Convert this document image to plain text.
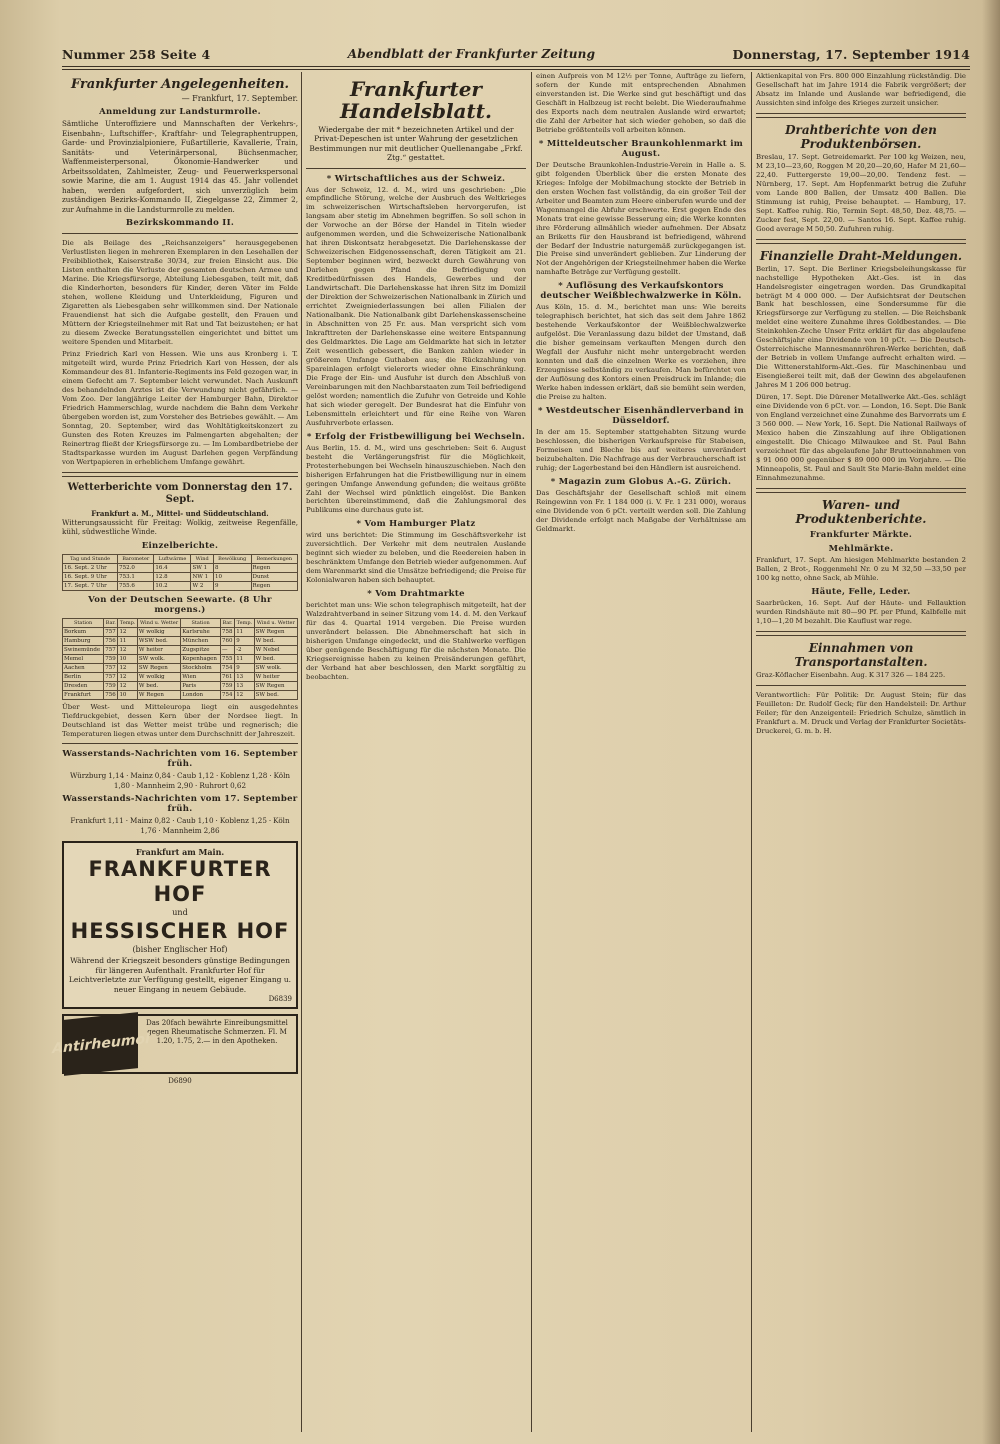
Nummer 258 Seite 4	Abendblatt der Frankfurter Zeitung	Donnerstag, 17. September 1914
Frankfurter Angelegenheiten.
— Frankfurt, 17. September.
Anmeldung zur Landsturmrolle.

Sämtliche Unteroffiziere und Mannschaften der Verkehrs-, Eisenbahn-, Luftschiffer-, Kraftfahr- und Telegraphentruppen, Garde- und Provinzialpioniere, Fußartillerie, Kavallerie, Train, Sanitäts- und Veterinärpersonal, Büchsenmacher, Waffenmeisterpersonal, Ökonomie-Handwerker und Arbeitssoldaten, Zahlmeister, Zeug- und Feuerwerkspersonal sowie Marine, die am 1. August 1914 das 45. Jahr vollendet haben, werden aufgefordert, sich unverzüglich beim zuständigen Bezirks-Kommando II, Ziegelgasse 22, Zimmer 2, zur Aufnahme in die Landsturmrolle zu melden.

Bezirkskommando II.

Die als Beilage des „Reichsanzeigers“ herausgegebenen Verlustlisten liegen in mehreren Exemplaren in den Lesehallen der Freibibliothek, Kaiserstraße 30/34, zur freien Einsicht aus. Die Listen enthalten die Verluste der gesamten deutschen Armee und Marine. Die Kriegsfürsorge, Abteilung Liebesgaben, teilt mit, daß die Kinderhorten, besonders für Kinder, deren Väter im Felde stehen, wollene Kleidung und Unterkleidung, Figuren und Zigaretten als Liebesgaben sehr willkommen sind. Der Nationale Frauendienst hat sich die Aufgabe gestellt, den Frauen und Müttern der Kriegsteilnehmer mit Rat und Tat beizustehen; er hat zu diesem Zwecke Beratungsstellen eingerichtet und bittet um weitere Spenden und Mitarbeit.

Prinz Friedrich Karl von Hessen. Wie uns aus Kronberg i. T. mitgeteilt wird, wurde Prinz Friedrich Karl von Hessen, der als Kommandeur des 81. Infanterie-Regiments ins Feld gezogen war, in einem Gefecht am 7. September leicht verwundet. Nach Auskunft des behandelnden Arztes ist die Verwundung nicht gefährlich. — Vom Zoo. Der langjährige Leiter der Hamburger Bahn, Direktor Friedrich Hammerschlag, wurde nachdem die Bahn dem Verkehr übergeben worden ist, zum Vorsteher des Betriebes gewählt. — Am Sonntag, 20. September, wird das Wohltätigkeitskonzert zu Gunsten des Roten Kreuzes im Palmengarten abgehalten; der Reinertrag fließt der Kriegsfürsorge zu. — Im Lombardbetriebe der Stadtsparkasse wurden im August Darlehen gegen Verpfändung von Wertpapieren in erheblichem Umfange gewährt.

Wetterberichte vom Donnerstag den 17. Sept.
Frankfurt a. M., Mittel- und Süddeutschland.

Witterungsaussicht für Freitag: Wolkig, zeitweise Regenfälle, kühl, südwestliche Winde.

Einzelberichte.
Tag und Stunde	Barometer	Luftwärme	Wind	Bewölkung	Bemerkungen
16. Sept. 2 Uhr	752.0	16.4	SW 1	8	Regen
16. Sept. 9 Uhr	753.1	12.8	NW 1	10	Dunst
17. Sept. 7 Uhr	755.6	10.2	W 2	9	Regen
Von der Deutschen Seewarte. (8 Uhr morgens.)
Station	Bar.	Temp.	Wind u. Wetter	Station	Bar.	Temp.	Wind u. Wetter
Borkum	757	12	W wolkig	Karlsruhe	758	11	SW Regen
Hamburg	756	11	WSW bed.	München	760	9	W bed.
Swinemünde	757	12	W heiter	Zugspitze	—	-2	W Nebel
Memel	759	10	SW wolk.	Kopenhagen	755	11	W bed.
Aachen	757	12	SW Regen	Stockholm	754	9	SW wolk.
Berlin	757	12	W wolkig	Wien	761	13	W heiter
Dresden	759	12	W bed.	Paris	759	13	SW Regen
Frankfurt	756	10	W Regen	London	754	12	SW bed.

Über West- und Mitteleuropa liegt ein ausgedehntes Tiefdruckgebiet, dessen Kern über der Nordsee liegt. In Deutschland ist das Wetter meist trübe und regnerisch; die Temperaturen liegen etwas unter dem Durchschnitt der Jahreszeit.

Wasserstands-Nachrichten vom 16. September früh.

Würzburg 1,14 · Mainz 0,84 · Caub 1,12 · Koblenz 1,28 · Köln 1,80 · Mannheim 2,90 · Ruhrort 0,62

Wasserstands-Nachrichten vom 17. September früh.

Frankfurt 1,11 · Mainz 0,82 · Caub 1,10 · Koblenz 1,25 · Köln 1,76 · Mannheim 2,86

Frankfurt am Main.
FRANKFURTER HOF
und
HESSISCHER HOF
(bisher Englischer Hof)
Während der Kriegszeit besonders günstige Bedingungen für längeren Aufenthalt. Frankfurter Hof für Leichtverletzte zur Verfügung gestellt, eigener Eingang u. neuer Eingang in neuem Gebäude.
D6839
Antirheumol
Das 20fach bewährte Einreibungsmittel gegen Rheumatische Schmerzen. Fl. M 1.20, 1.75, 2.— in den Apotheken.
D6890
Frankfurter Handelsblatt.
Wiedergabe der mit * bezeichneten Artikel und der Privat-Depeschen ist unter Wahrung der gesetzlichen Bestimmungen nur mit deutlicher Quellenangabe „Frkf. Ztg.“ gestattet.
* Wirtschaftliches aus der Schweiz.

Aus der Schweiz, 12. d. M., wird uns geschrieben: „Die empfindliche Störung, welche der Ausbruch des Weltkrieges im schweizerischen Wirtschaftsleben hervorgerufen, ist langsam aber stetig im Abnehmen begriffen. So soll schon in der Vorwoche an der Börse der Handel in Titeln wieder aufgenommen werden, und die Schweizerische Nationalbank hat ihren Diskontsatz herabgesetzt. Die Darlehenskasse der Schweizerischen Eidgenossenschaft, deren Tätigkeit am 21. September beginnen wird, bezweckt durch Gewährung von Darlehen gegen Pfand die Befriedigung von Kreditbedürfnissen des Handels, Gewerbes und der Landwirtschaft. Die Darlehenskasse hat ihren Sitz im Domizil der Direktion der Schweizerischen Nationalbank in Zürich und errichtet Zweigniederlassungen bei allen Filialen der Nationalbank. Die Nationalbank gibt Darlehenskassenscheine in Abschnitten von 25 Fr. aus. Man verspricht sich vom Inkrafttreten der Darlehenskasse eine weitere Entspannung des Geldmarktes. Die Lage am Geldmarkte hat sich in letzter Zeit wesentlich gebessert, die Banken zahlen wieder in größerem Umfange Guthaben aus; die Rückzahlung von Spareinlagen erfolgt vielerorts wieder ohne Einschränkung. Die Frage der Ein- und Ausfuhr ist durch den Abschluß von Vereinbarungen mit den Nachbarstaaten zum Teil befriedigend gelöst worden; namentlich die Zufuhr von Getreide und Kohle hat sich wieder geregelt. Der Bundesrat hat die Einfuhr von Lebensmitteln erleichtert und für eine Reihe von Waren Ausfuhrverbote erlassen.

* Erfolg der Fristbewilligung bei Wechseln.

Aus Berlin, 15. d. M., wird uns geschrieben: Seit 6. August besteht die Verlängerungsfrist für die Möglichkeit, Protesterhebungen bei Wechseln hinauszuschieben. Nach den bisherigen Erfahrungen hat die Fristbewilligung nur in einem geringen Umfange Anwendung gefunden; die weitaus größte Zahl der Wechsel wird pünktlich eingelöst. Die Banken berichten übereinstimmend, daß die Zahlungsmoral des Publikums eine durchaus gute ist.

* Vom Hamburger Platz

wird uns berichtet: Die Stimmung im Geschäftsverkehr ist zuversichtlich. Der Verkehr mit dem neutralen Auslande beginnt sich wieder zu beleben, und die Reedereien haben in beschränktem Umfange den Betrieb wieder aufgenommen. Auf dem Warenmarkt sind die Umsätze befriedigend; die Preise für Kolonialwaren haben sich behauptet.

* Vom Drahtmarkte

berichtet man uns: Wie schon telegraphisch mitgeteilt, hat der Walzdrahtverband in seiner Sitzung vom 14. d. M. den Verkauf für das 4. Quartal 1914 vergeben. Die Preise wurden unverändert belassen. Die Abnehmerschaft hat sich in bisherigen Umfange eingedeckt, und die Stahlwerke verfügen über genügende Beschäftigung für die nächsten Monate. Die Kriegsereignisse haben zu keinen Preisänderungen geführt, der Verband hat aber beschlossen, den Markt sorgfältig zu beobachten.

einen Aufpreis von M 12½ per Tonne, Aufträge zu liefern, sofern der Kunde mit entsprechenden Abnahmen einverstanden ist. Die Werke sind gut beschäftigt und das Geschäft in Halbzeug ist recht belebt. Die Wiederaufnahme des Exports nach dem neutralen Auslande wird erwartet; die Zahl der Arbeiter hat sich wieder gehoben, so daß die Betriebe größtenteils voll arbeiten können.

* Mitteldeutscher Braunkohlenmarkt im August.

Der Deutsche Braunkohlen-Industrie-Verein in Halle a. S. gibt folgenden Überblick über die ersten Monate des Krieges: Infolge der Mobilmachung stockte der Betrieb in den ersten Wochen fast vollständig, da ein großer Teil der Arbeiter und Beamten zum Heere einberufen wurde und der Wagenmangel die Abfuhr erschwerte. Erst gegen Ende des Monats trat eine gewisse Besserung ein; die Werke konnten ihre Förderung allmählich wieder aufnehmen. Der Absatz an Briketts für den Hausbrand ist befriedigend, während der Bedarf der Industrie naturgemäß zurückgegangen ist. Die Preise sind unverändert geblieben. Zur Linderung der Not der Angehörigen der Kriegsteilnehmer haben die Werke namhafte Beträge zur Verfügung gestellt.

* Auflösung des Verkaufskontors deutscher Weißblechwalzwerke in Köln.

Aus Köln, 15. d. M., berichtet man uns: Wie bereits telegraphisch berichtet, hat sich das seit dem Jahre 1862 bestehende Verkaufskontor der Weißblechwalzwerke aufgelöst. Die Veranlassung dazu bildet der Umstand, daß die bisher gemeinsam verkauften Mengen durch den Wegfall der Ausfuhr nicht mehr untergebracht werden konnten und daß die einzelnen Werke es vorziehen, ihre Erzeugnisse selbständig zu verkaufen. Man befürchtet von der Auflösung des Kontors einen Preisdruck im Inlande; die Werke haben indessen erklärt, daß sie bemüht sein werden, die Preise zu halten.

* Westdeutscher Eisenhändlerverband in Düsseldorf.

In der am 15. September stattgehabten Sitzung wurde beschlossen, die bisherigen Verkaufspreise für Stabeisen, Formeisen und Bleche bis auf weiteres unverändert beizubehalten. Die Nachfrage aus der Verbraucherschaft ist ruhig; der Lagerbestand bei den Händlern ist ausreichend.

* Magazin zum Globus A.-G. Zürich.

Das Geschäftsjahr der Gesellschaft schloß mit einem Reingewinn von Fr. 1 184 000 (i. V. Fr. 1 231 000), woraus eine Dividende von 6 pCt. verteilt werden soll. Die Zahlung der Dividende erfolgt nach Maßgabe der Verhältnisse am Geldmarkt.

Aktienkapital von Frs. 800 000 Einzahlung rückständig. Die Gesellschaft hat im Jahre 1914 die Fabrik vergrößert; der Absatz im Inlande und Auslande war befriedigend, die Aussichten sind infolge des Krieges zurzeit unsicher.

Drahtberichte von den Produktenbörsen.

Breslau, 17. Sept. Getreidemarkt. Per 100 kg Weizen, neu, M 23,10—23,60, Roggen M 20,20—20,60, Hafer M 21,60—22,40. Futtergerste 19,00—20,00. Tendenz fest. — Nürnberg, 17. Sept. Am Hopfenmarkt betrug die Zufuhr vom Lande 800 Ballen, der Umsatz 400 Ballen. Die Stimmung ist ruhig, Preise behauptet. — Hamburg, 17. Sept. Kaffee ruhig. Rio, Termin Sept. 48,50, Dez. 48,75. — Zucker fest, Sept. 22,00. — Santos 16. Sept. Kaffee ruhig. Good average M 50,50. Zufuhren ruhig.

Finanzielle Draht-Meldungen.

Berlin, 17. Sept. Die Berliner Kriegsbeleihungskasse für nachstellige Hypotheken Akt.-Ges. ist in das Handelsregister eingetragen worden. Das Grundkapital beträgt M 4 000 000. — Der Aufsichtsrat der Deutschen Bank hat beschlossen, eine Sondersumme für die Kriegsfürsorge zur Verfügung zu stellen. — Die Reichsbank meldet eine weitere Zunahme ihres Goldbestandes. — Die Steinkohlen-Zeche Unser Fritz erklärt für das abgelaufene Geschäftsjahr eine Dividende von 10 pCt. — Die Deutsch-Österreichische Mannesmannröhren-Werke berichten, daß der Betrieb in vollem Umfange aufrecht erhalten wird. — Die Wittenerstahlform-Akt.-Ges. für Maschinenbau und Eisengießerei teilt mit, daß der Gewinn des abgelaufenen Jahres M 1 206 000 betrug.

Düren, 17. Sept. Die Dürener Metallwerke Akt.-Ges. schlägt eine Dividende von 6 pCt. vor. — London, 16. Sept. Die Bank von England verzeichnet eine Zunahme des Barvorrats um £ 3 560 000. — New York, 16. Sept. Die National Railways of Mexico haben die Zinszahlung auf ihre Obligationen eingestellt. Die Chicago Milwaukee and St. Paul Bahn verzeichnet für das abgelaufene Jahr Bruttoeinnahmen von $ 91 060 000 gegenüber $ 89 000 000 im Vorjahre. — Die Minneapolis, St. Paul and Sault Ste Marie-Bahn meldet eine Einnahmezunahme.

Waren- und Produktenberichte.
Frankfurter Märkte.
Mehlmärkte.

Frankfurt, 17. Sept. Am hiesigen Mehlmarkte bestanden 2 Ballen, 2 Brot-, Roggenmehl Nr. 0 zu M 32,50 —33,50 per 100 kg netto, ohne Sack, ab Mühle.

Häute, Felle, Leder.

Saarbrücken, 16. Sept. Auf der Häute- und Fellauktion wurden Rindshäute mit 80—90 Pf. per Pfund, Kalbfelle mit 1,10—1,20 M bezahlt. Die Kauflust war rege.

Einnahmen von Transportanstalten.

Graz-Köflacher Eisenbahn. Aug. K 317 326 — 184 225.

Verantwortlich: Für Politik: Dr. August Stein; für das Feuilleton: Dr. Rudolf Geck; für den Handelsteil: Dr. Arthur Feiler; für den Anzeigenteil: Friedrich Schulze, sämtlich in Frankfurt a. M. Druck und Verlag der Frankfurter Societäts-Druckerei, G. m. b. H.
